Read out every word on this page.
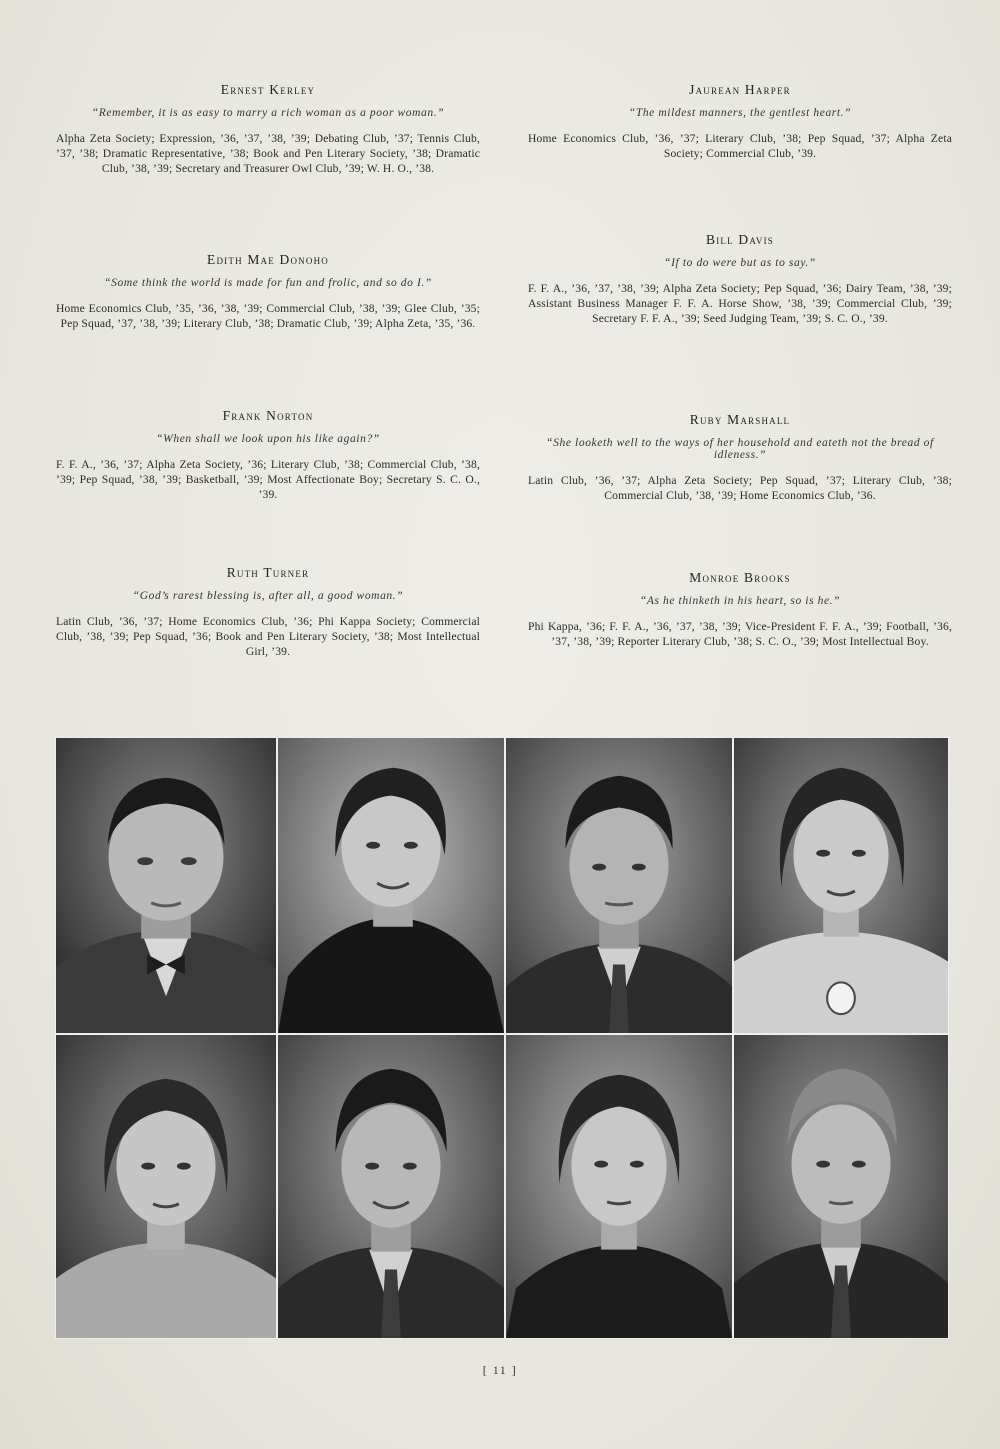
Ernest Kerley

“Remember, it is as easy to marry a rich woman as a poor woman.”

Alpha Zeta Society; Expression, ’36, ’37, ’38, ’39; Debating Club, ’37; Tennis Club, ’37, ’38; Dramatic Representative, ’38; Book and Pen Literary Society, ’38; Dramatic Club, ’38, ’39; Secretary and Treasurer Owl Club, ’39; W. H. O., ’38.

Edith Mae Donoho

“Some think the world is made for fun and frolic, and so do I.”

Home Economics Club, ’35, ’36, ’38, ’39; Commercial Club, ’38, ’39; Glee Club, ’35; Pep Squad, ’37, ’38, ’39; Literary Club, ’38; Dramatic Club, ’39; Alpha Zeta, ’35, ’36.

Frank Norton

“When shall we look upon his like again?”

F. F. A., ’36, ’37; Alpha Zeta Society, ’36; Literary Club, ’38; Commercial Club, ’38, ’39; Pep Squad, ’38, ’39; Basketball, ’39; Most Affectionate Boy; Secretary S. C. O., ’39.

Ruth Turner

“God’s rarest blessing is, after all, a good woman.”

Latin Club, ’36, ’37; Home Economics Club, ’36; Phi Kappa Society; Commercial Club, ’38, ’39; Pep Squad, ’36; Book and Pen Literary Society, ’38; Most Intellectual Girl, ’39.

Jaurean Harper

“The mildest manners, the gentlest heart.”

Home Economics Club, ’36, ’37; Literary Club, ’38; Pep Squad, ’37; Alpha Zeta Society; Commercial Club, ’39.

Bill Davis

“If to do were but as to say.”

F. F. A., ’36, ’37, ’38, ’39; Alpha Zeta Society; Pep Squad, ’36; Dairy Team, ’38, ’39; Assistant Business Manager F. F. A. Horse Show, ’38, ’39; Commercial Club, ’39; Secretary F. F. A., ’39; Seed Judging Team, ’39; S. C. O., ’39.

Ruby Marshall

“She looketh well to the ways of her household and eateth not the bread of idleness.”

Latin Club, ’36, ’37; Alpha Zeta Society; Pep Squad, ’37; Literary Club, ’38; Commercial Club, ’38, ’39; Home Economics Club, ’36.

Monroe Brooks

“As he thinketh in his heart, so is he.”

Phi Kappa, ’36; F. F. A., ’36, ’37, ’38, ’39; Vice-President F. F. A., ’39; Football, ’36, ’37, ’38, ’39; Reporter Literary Club, ’38; S. C. O., ’39; Most Intellectual Boy.

[ 11 ]
